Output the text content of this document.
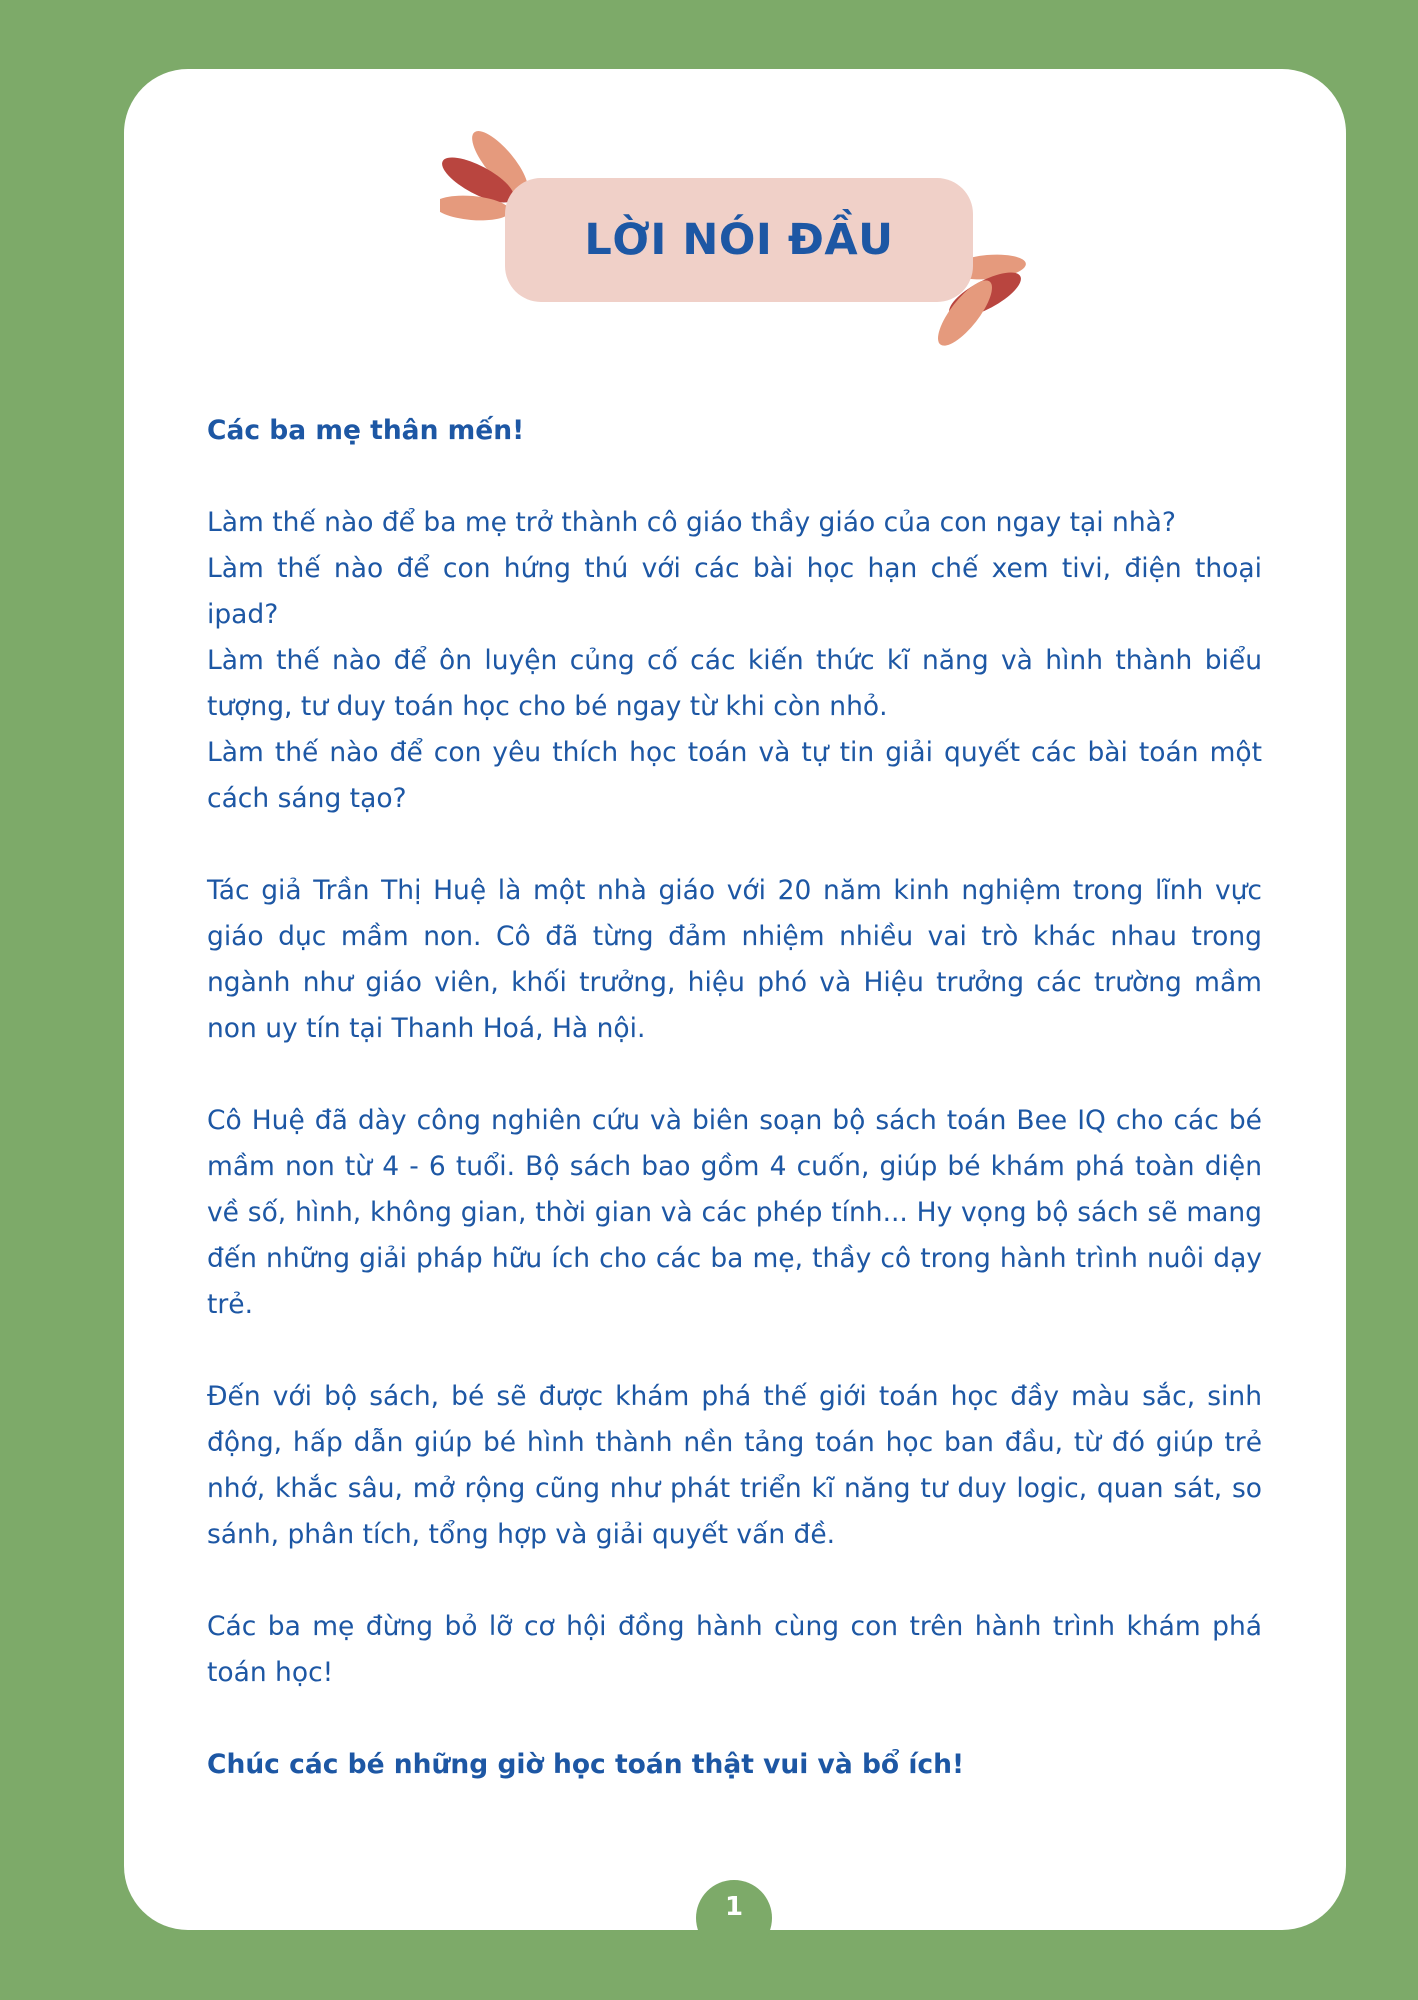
LỜI NÓI ĐẦU

Các ba mẹ thân mến!

Làm thế nào để ba mẹ trở thành cô giáo thầy giáo của con ngay tại nhà?

Làm thế nào để con hứng thú với các bài học hạn chế xem tivi, điện thoại ipad?

Làm thế nào để ôn luyện củng cố các kiến thức kĩ năng và hình thành biểu tượng, tư duy toán học cho bé ngay từ khi còn nhỏ.

Làm thế nào để con yêu thích học toán và tự tin giải quyết các bài toán một cách sáng tạo?

Tác giả Trần Thị Huệ là một nhà giáo với 20 năm kinh nghiệm trong lĩnh vực giáo dục mầm non. Cô đã từng đảm nhiệm nhiều vai trò khác nhau trong ngành như giáo viên, khối trưởng, hiệu phó và Hiệu trưởng các trường mầm non uy tín tại Thanh Hoá, Hà nội.

Cô Huệ đã dày công nghiên cứu và biên soạn bộ sách toán Bee IQ cho các bé mầm non từ 4 - 6 tuổi. Bộ sách bao gồm 4 cuốn, giúp bé khám phá toàn diện về số, hình, không gian, thời gian và các phép tính... Hy vọng bộ sách sẽ mang đến những giải pháp hữu ích cho các ba mẹ, thầy cô trong hành trình nuôi dạy trẻ.

Đến với bộ sách, bé sẽ được khám phá thế giới toán học đầy màu sắc, sinh động, hấp dẫn giúp bé hình thành nền tảng toán học ban đầu, từ đó giúp trẻ nhớ, khắc sâu, mở rộng cũng như phát triển kĩ năng tư duy logic, quan sát, so sánh, phân tích, tổng hợp và giải quyết vấn đề.

Các ba mẹ đừng bỏ lỡ cơ hội đồng hành cùng con trên hành trình khám phá toán học!

Chúc các bé những giờ học toán thật vui và bổ ích!

1
